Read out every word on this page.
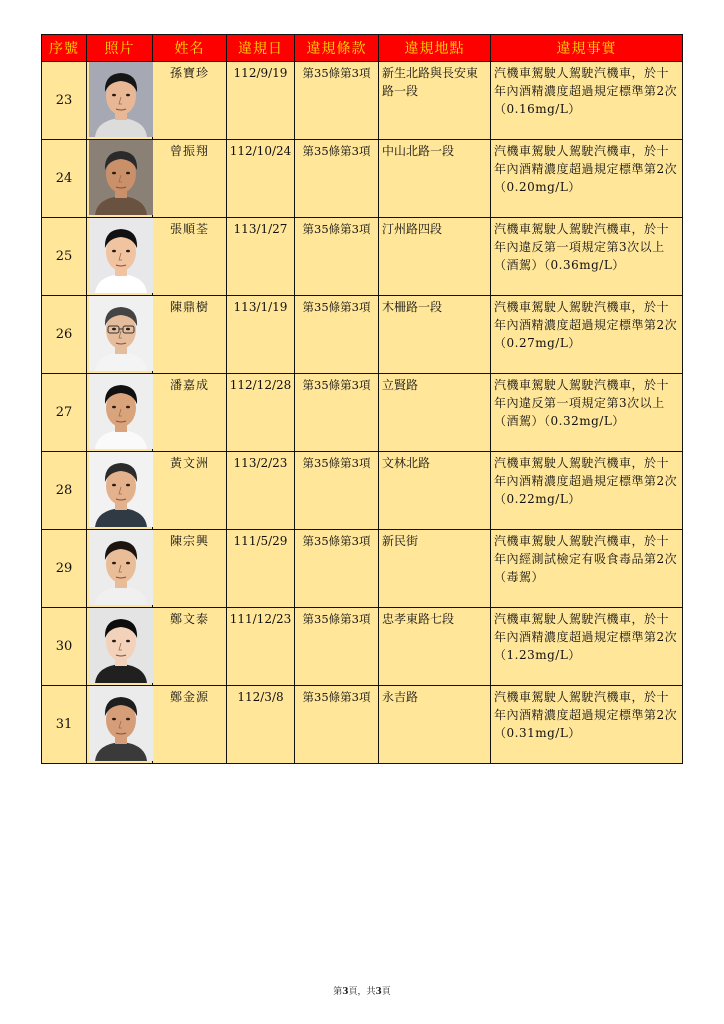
序號	照片	姓名	違規日	違規條款	違規地點	違規事實
23		孫寶珍	112/9/19	第35條第3項	新生北路與長安東路一段	汽機車駕駛人駕駛汽機車，於十年內酒精濃度超過規定標準第2次（0.16mg/L）
24		曾振翔	112/10/24	第35條第3項	中山北路一段	汽機車駕駛人駕駛汽機車，於十年內酒精濃度超過規定標準第2次（0.20mg/L）
25		張順荃	113/1/27	第35條第3項	汀州路四段	汽機車駕駛人駕駛汽機車，於十年內違反第一項規定第3次以上（酒駕）（0.36mg/L）
26		陳鼎樹	113/1/19	第35條第3項	木柵路一段	汽機車駕駛人駕駛汽機車，於十年內酒精濃度超過規定標準第2次（0.27mg/L）
27		潘嘉成	112/12/28	第35條第3項	立賢路	汽機車駕駛人駕駛汽機車，於十年內違反第一項規定第3次以上（酒駕）（0.32mg/L）
28		黃文洲	113/2/23	第35條第3項	文林北路	汽機車駕駛人駕駛汽機車，於十年內酒精濃度超過規定標準第2次（0.22mg/L）
29		陳宗興	111/5/29	第35條第3項	新民街	汽機車駕駛人駕駛汽機車，於十年內經測試檢定有吸食毒品第2次（毒駕）
30		鄭文泰	111/12/23	第35條第3項	忠孝東路七段	汽機車駕駛人駕駛汽機車，於十年內酒精濃度超過規定標準第2次（1.23mg/L）
31		鄭金源	112/3/8	第35條第3項	永吉路	汽機車駕駛人駕駛汽機車，於十年內酒精濃度超過規定標準第2次（0.31mg/L）
第3頁，共3頁
